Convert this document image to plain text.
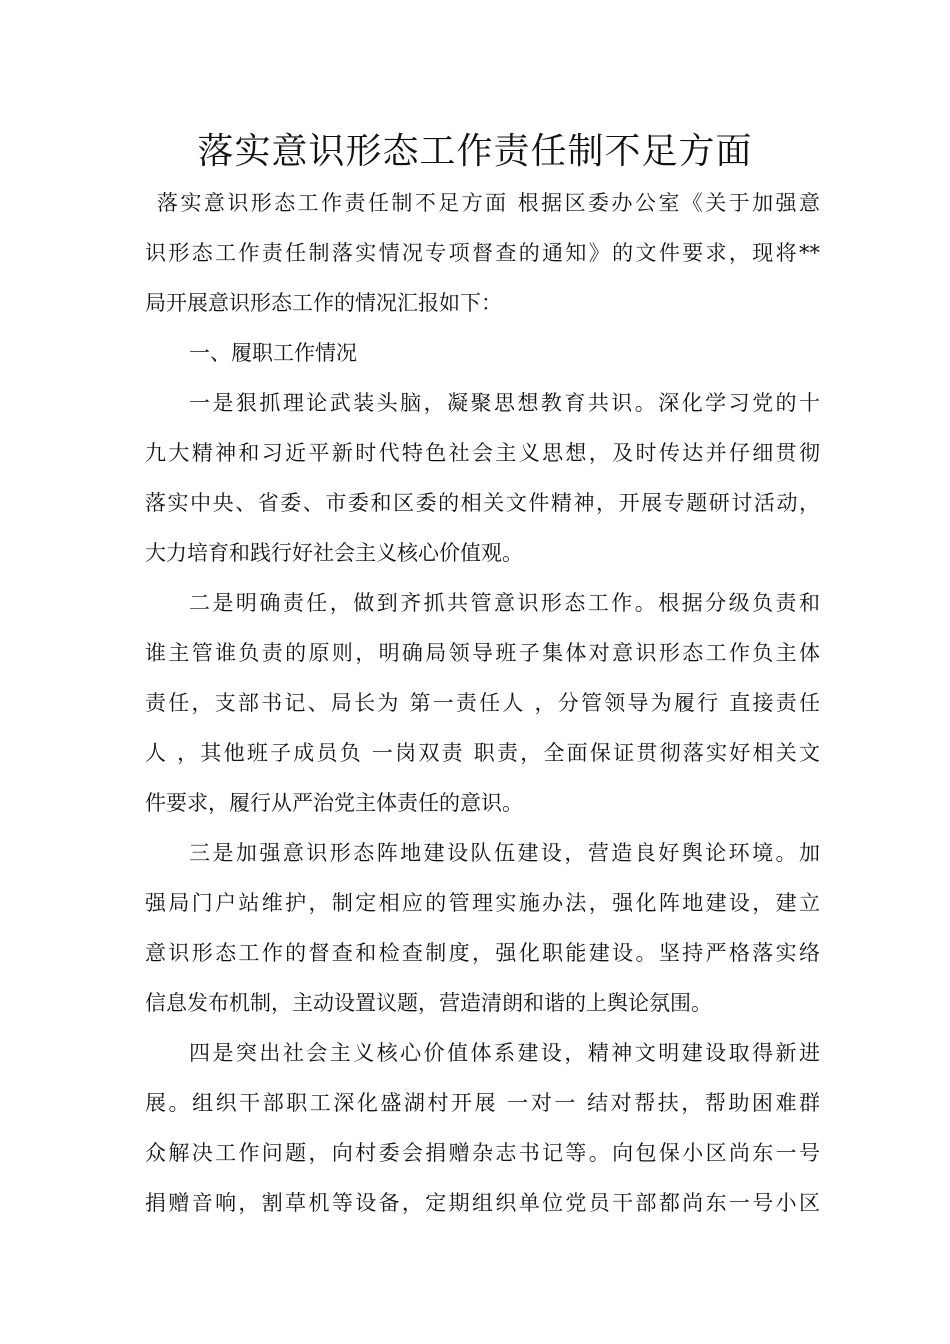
落实意识形态工作责任制不足方面
落实意识形态工作责任制不足方面 根据区委办公室《关于加强意
识形态工作责任制落实情况专项督查的通知》的文件要求，现将**
局开展意识形态工作的情况汇报如下：
一、履职工作情况
一是狠抓理论武装头脑，凝聚思想教育共识。深化学习党的十
九大精神和习近平新时代特色社会主义思想，及时传达并仔细贯彻
落实中央、省委、市委和区委的相关文件精神，开展专题研讨活动，
大力培育和践行好社会主义核心价值观。
二是明确责任，做到齐抓共管意识形态工作。根据分级负责和
谁主管谁负责的原则，明确局领导班子集体对意识形态工作负主体
责任，支部书记、局长为 第一责任人 ，分管领导为履行 直接责任
人 ，其他班子成员负 一岗双责 职责，全面保证贯彻落实好相关文
件要求，履行从严治党主体责任的意识。
三是加强意识形态阵地建设队伍建设，营造良好舆论环境。加
强局门户站维护，制定相应的管理实施办法，强化阵地建设，建立
意识形态工作的督查和检查制度，强化职能建设。坚持严格落实络
信息发布机制，主动设置议题，营造清朗和谐的上舆论氛围。
四是突出社会主义核心价值体系建设，精神文明建设取得新进
展。组织干部职工深化盛湖村开展 一对一 结对帮扶，帮助困难群
众解决工作问题，向村委会捐赠杂志书记等。向包保小区尚东一号
捐赠音响，割草机等设备，定期组织单位党员干部都尚东一号小区
